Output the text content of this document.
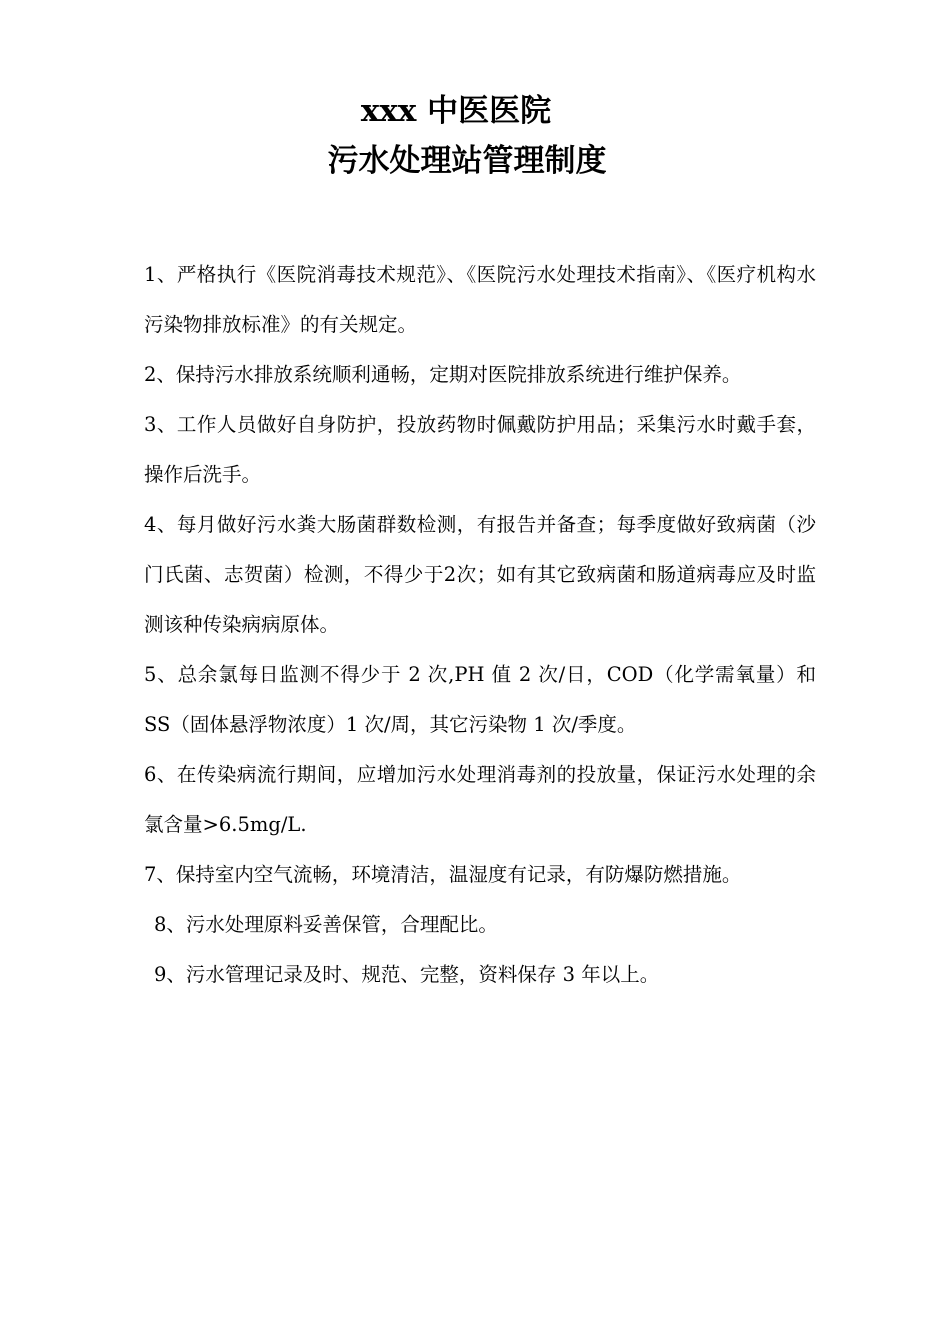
xxx 中医医院
污水处理站管理制度

1、严格执行《医院消毒技术规范》、《医院污水处理技术指南》、《医疗机构水污染物排放标准》的有关规定。

2、保持污水排放系统顺利通畅，定期对医院排放系统进行维护保养。

3、工作人员做好自身防护，投放药物时佩戴防护用品；采集污水时戴手套，操作后洗手。

4、每月做好污水粪大肠菌群数检测，有报告并备查；每季度做好致病菌（沙门氏菌、志贺菌）检测，不得少于2次；如有其它致病菌和肠道病毒应及时监测该种传染病病原体。

5、总余氯每日监测不得少于 2 次,PH 值 2 次/日，COD（化学需氧量）和 SS（固体悬浮物浓度）1 次/周，其它污染物 1 次/季度。

6、在传染病流行期间，应增加污水处理消毒剂的投放量，保证污水处理的余氯含量>6.5mg/L.

7、保持室内空气流畅，环境清洁，温湿度有记录，有防爆防燃措施。

8、污水处理原料妥善保管，合理配比。

9、污水管理记录及时、规范、完整，资料保存 3 年以上。
